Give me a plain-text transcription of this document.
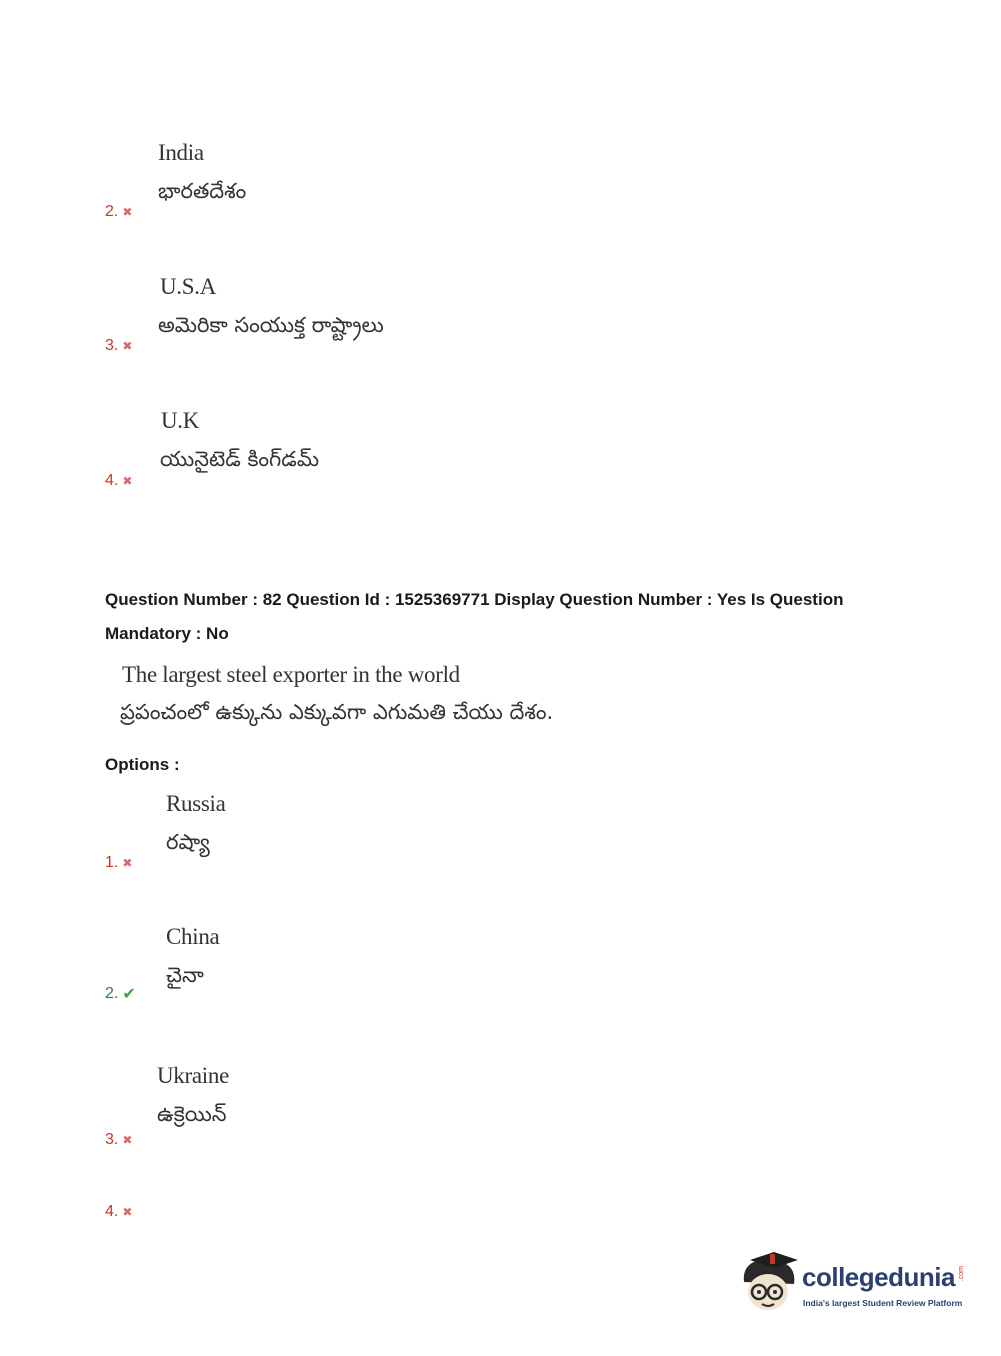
India
భారతదేశం
2. ✖
U.S.A
అమెరికా సంయుక్త రాష్ట్రాలు
3. ✖
U.K
యునైటెడ్ కింగ్‌డమ్
4. ✖
Question Number : 82 Question Id : 1525369771 Display Question Number : Yes Is Question
Mandatory : No
The largest steel exporter in the world
ప్రపంచంలో ఉక్కును ఎక్కువగా ఎగుమతి చేయు దేశం.
Options :
Russia
రష్యా
1. ✖
China
చైనా
2. ✔
Ukraine
ఉక్రెయిన్
3. ✖
4. ✖
collegedunia .com
India's largest Student Review Platform
